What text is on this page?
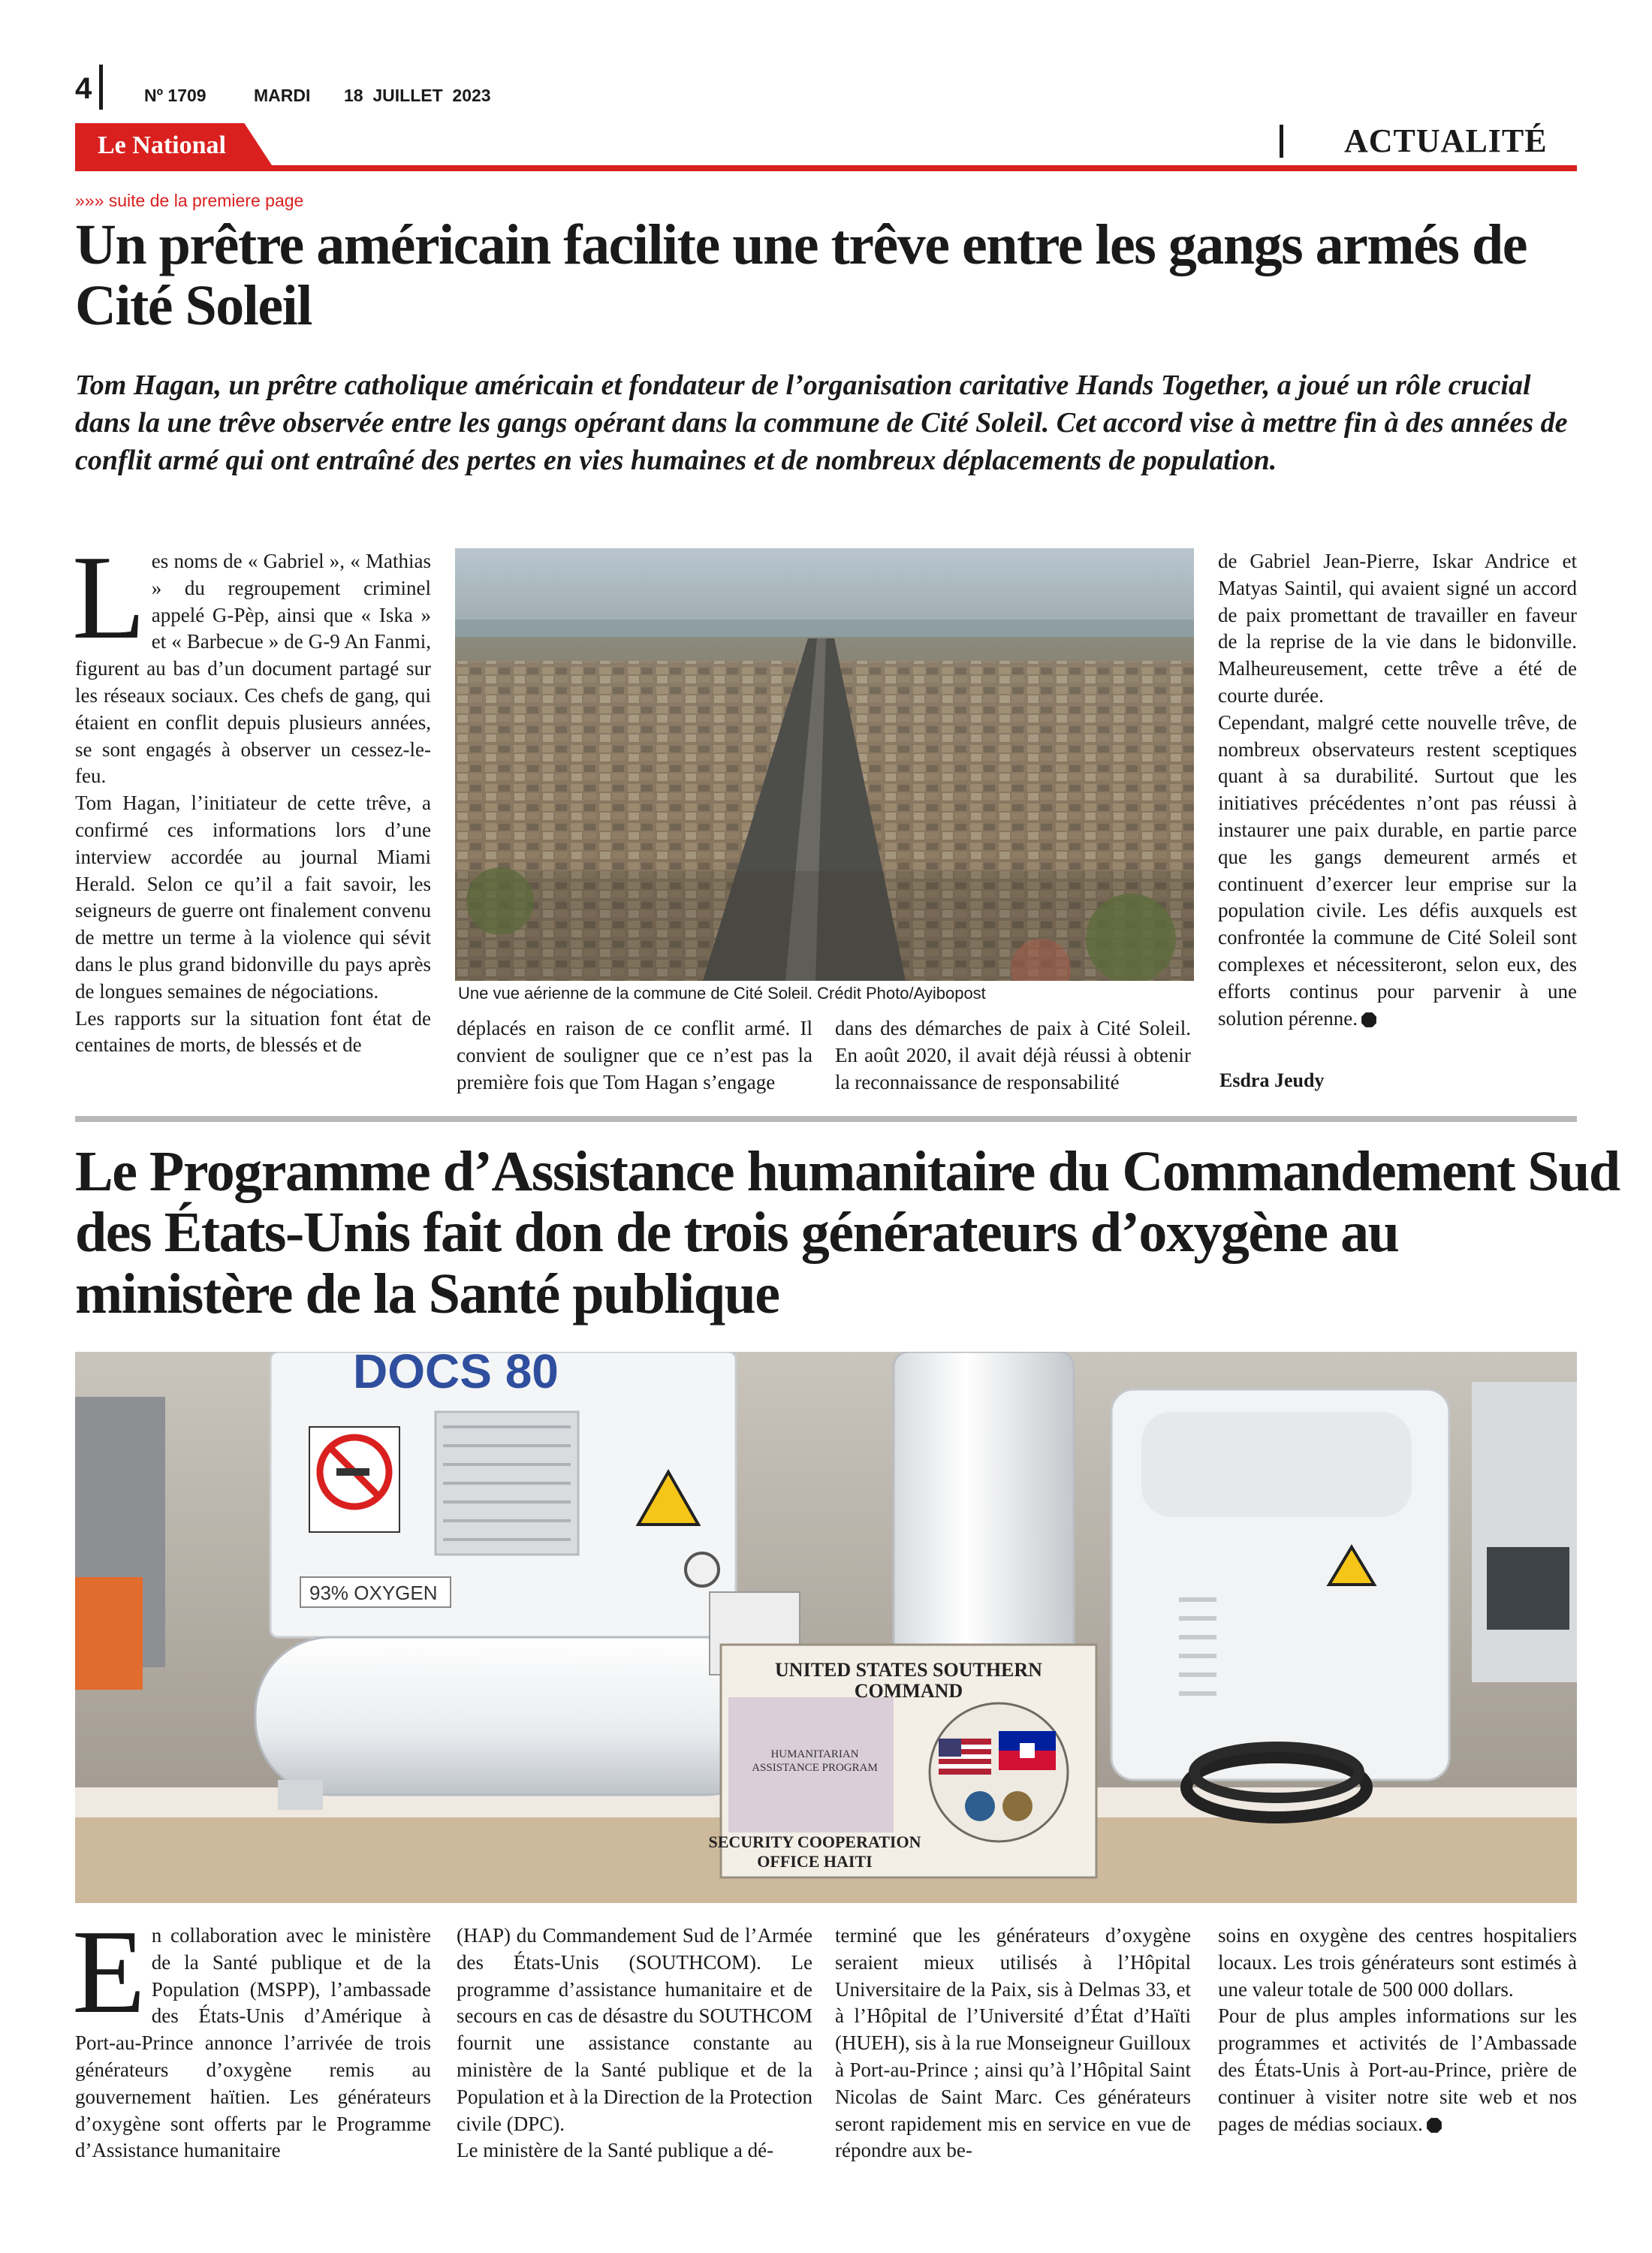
4	Nº 1709	MARDI 18  JUILLET  2023
Le National	ACTUALITÉ
»»» suite de la premiere page
Un prêtre américain facilite une trêve entre les gangs armés de Cité Soleil

Tom Hagan, un prêtre catholique américain et fondateur de l’organisation caritative Hands Together, a joué un rôle crucial dans la une trêve observée entre les gangs opérant dans la commune de Cité Soleil. Cet accord vise à mettre fin à des années de conflit armé qui ont entraîné des pertes en vies humaines et de nombreux déplacements de population.

L es noms de « Gabriel », « Mathias » du regroupement criminel appelé G-Pèp, ainsi que « Iska » et « Barbecue » de G-9 An Fanmi, figurent au bas d’un document partagé sur les réseaux sociaux. Ces chefs de gang, qui étaient en conflit depuis plusieurs années, se sont engagés à observer un cessez-le-feu.

Tom Hagan, l’initiateur de cette trêve, a confirmé ces informations lors d’une interview accordée au journal Miami Herald. Selon ce qu’il a fait savoir, les seigneurs de guerre ont finalement convenu de mettre un terme à la violence qui sévit dans le plus grand bidonville du pays après de longues semaines de négociations.

Les rapports sur la situation font état de centaines de morts, de blessés et de

Une vue aérienne de la commune de Cité Soleil. Crédit Photo/Ayibopost

déplacés en raison de ce conflit armé. Il convient de souligner que ce n’est pas la première fois que Tom Hagan s’engage

dans des démarches de paix à Cité Soleil. En août 2020, il avait déjà réussi à obtenir la reconnaissance de responsabilité

de Gabriel Jean-Pierre, Iskar Andrice et Matyas Saintil, qui avaient signé un accord de paix promettant de travailler en faveur de la reprise de la vie dans le bidonville. Malheureusement, cette trêve a été de courte durée.

Cependant, malgré cette nouvelle trêve, de nombreux observateurs restent sceptiques quant à sa durabilité. Surtout que les initiatives précédentes n’ont pas réussi à instaurer une paix durable, en partie parce que les gangs demeurent armés et continuent d’exercer leur emprise sur la population civile. Les défis auxquels est confrontée la commune de Cité Soleil sont complexes et nécessiteront, selon eux, des efforts continus pour parvenir à une solution pérenne.

Esdra Jeudy
Le Programme d’Assistance humanitaire du Commandement Sud des États-Unis fait don de trois générateurs d’oxygène au ministère de la Santé publique
DOCS 80
93% OXYGEN
UNITED STATES SOUTHERN
COMMAND
HUMANITARIAN
ASSISTANCE PROGRAM
SECURITY COOPERATION
OFFICE HAITI
E n collaboration avec le ministère de la Santé publique et de la Population (MSPP), l’ambassade des États-Unis d’Amérique à Port-au-Prince annonce l’arrivée de trois générateurs d’oxygène remis au gouvernement haïtien. Les générateurs d’oxygène sont offerts par le Programme d’Assistance humanitaire

(HAP) du Commandement Sud de l’Armée des États-Unis (SOUTHCOM). Le programme d’assistance humanitaire et de secours en cas de désastre du SOUTHCOM fournit une assistance constante au ministère de la Santé publique et de la Population et à la Direction de la Protection civile (DPC).

Le ministère de la Santé publique a dé-

terminé que les générateurs d’oxygène seraient mieux utilisés à l’Hôpital Universitaire de la Paix, sis à Delmas 33, et à l’Hôpital de l’Université d’État d’Haïti (HUEH), sis à la rue Monseigneur Guilloux à Port-au-Prince ; ainsi qu’à l’Hôpital Saint Nicolas de Saint Marc. Ces générateurs seront rapidement mis en service en vue de répondre aux be-

soins en oxygène des centres hospitaliers locaux. Les trois générateurs sont estimés à une valeur totale de 500 000 dollars.

Pour de plus amples informations sur les programmes et activités de l’Ambassade des États-Unis à Port-au-Prince, prière de continuer à visiter notre site web et nos pages de médias sociaux.
